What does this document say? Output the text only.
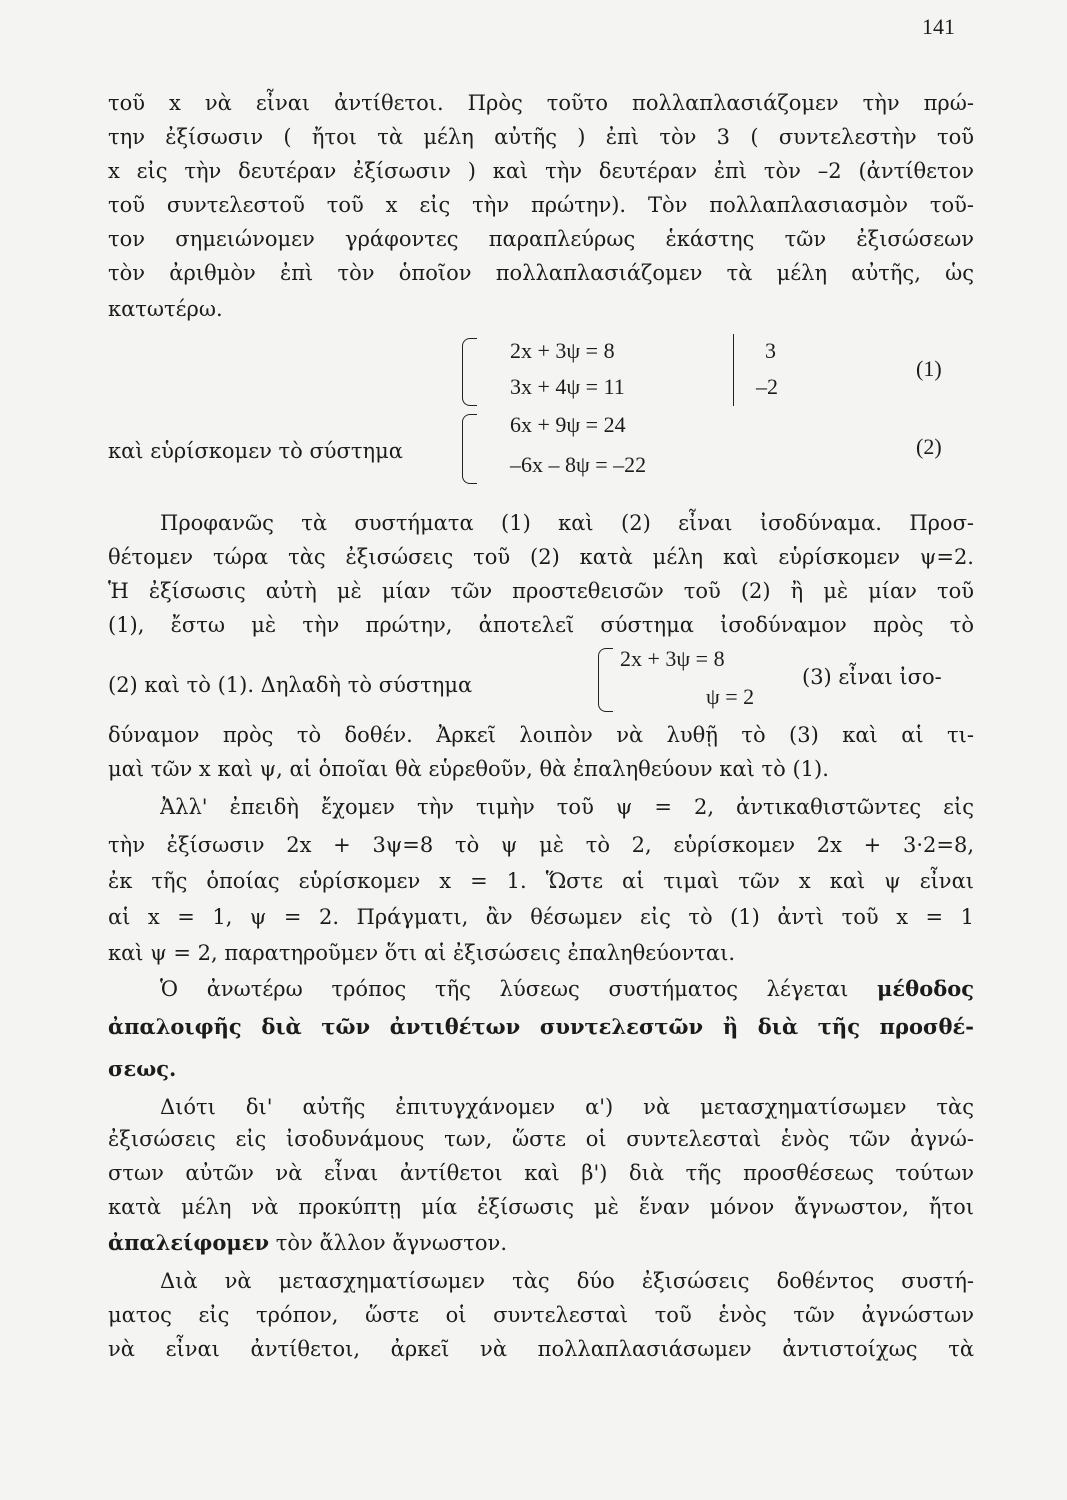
141
τοῦ x νὰ εἶναι ἀντίθετοι. Πρὸς τοῦτο πολλαπλασιάζομεν τὴν πρώ-
την ἐξίσωσιν ( ἤτοι τὰ μέλη αὐτῆς ) ἐπὶ τὸν 3 ( συντελεστὴν τοῦ
x εἰς τὴν δευτέραν ἐξίσωσιν ) καὶ τὴν δευτέραν ἐπὶ τὸν –2 (ἀντίθετον
τοῦ συντελεστοῦ τοῦ x εἰς τὴν πρώτην). Τὸν πολλαπλασιασμὸν τοῦ-
τον σημειώνομεν γράφοντες παραπλεύρως ἑκάστης τῶν ἐξισώσεων
τὸν ἀριθμὸν ἐπὶ τὸν ὁποῖον πολλαπλασιάζομεν τὰ μέλη αὐτῆς, ὡς
κατωτέρω.
2x + 3ψ = 8
3x + 4ψ = 11
3
–2
(1)
καὶ εὑρίσκομεν τὸ σύστημα
6x + 9ψ = 24
–6x – 8ψ = –22
(2)
Προφανῶς τὰ συστήματα (1) καὶ (2) εἶναι ἰσοδύναμα. Προσ-
θέτομεν τώρα τὰς ἐξισώσεις τοῦ (2) κατὰ μέλη καὶ εὑρίσκομεν ψ=2.
Ἡ ἐξίσωσις αὐτὴ μὲ μίαν τῶν προστεθεισῶν τοῦ (2) ἢ μὲ μίαν τοῦ
(1), ἔστω μὲ τὴν πρώτην, ἀποτελεῖ σύστημα ἰσοδύναμον πρὸς τὸ
(2) καὶ τὸ (1). Δηλαδὴ τὸ σύστημα
2x + 3ψ = 8
ψ = 2
(3) εἶναι ἰσο-
δύναμον πρὸς τὸ δοθέν. Ἀρκεῖ λοιπὸν νὰ λυθῇ τὸ (3) καὶ αἱ τι-
μαὶ τῶν x καὶ ψ, αἱ ὁποῖαι θὰ εὑρεθοῦν, θὰ ἐπαληθεύουν καὶ τὸ (1).
Ἀλλ' ἐπειδὴ ἔχομεν τὴν τιμὴν τοῦ ψ = 2, ἀντικαθιστῶντες εἰς
τὴν ἐξίσωσιν 2x + 3ψ=8 τὸ ψ μὲ τὸ 2, εὑρίσκομεν 2x + 3·2=8,
ἐκ τῆς ὁποίας εὑρίσκομεν x = 1. Ὥστε αἱ τιμαὶ τῶν x καὶ ψ εἶναι
αἱ x = 1, ψ = 2. Πράγματι, ἂν θέσωμεν εἰς τὸ (1) ἀντὶ τοῦ x = 1
καὶ ψ = 2, παρατηροῦμεν ὅτι αἱ ἐξισώσεις ἐπαληθεύονται.
Ὁ ἀνωτέρω τρόπος τῆς λύσεως συστήματος λέγεται μέθοδος
ἀπαλοιφῆς διὰ τῶν ἀντιθέτων συντελεστῶν ἢ διὰ τῆς προσθέ-
σεως.
Διότι δι' αὐτῆς ἐπιτυγχάνομεν α') νὰ μετασχηματίσωμεν τὰς
ἐξισώσεις εἰς ἰσοδυνάμους των, ὥστε οἱ συντελεσταὶ ἑνὸς τῶν ἀγνώ-
στων αὐτῶν νὰ εἶναι ἀντίθετοι καὶ β') διὰ τῆς προσθέσεως τούτων
κατὰ μέλη νὰ προκύπτῃ μία ἐξίσωσις μὲ ἕναν μόνον ἄγνωστον, ἤτοι
ἀπαλείφομεν τὸν ἄλλον ἄγνωστον.
Διὰ νὰ μετασχηματίσωμεν τὰς δύο ἐξισώσεις δοθέντος συστή-
ματος εἰς τρόπον, ὥστε οἱ συντελεσταὶ τοῦ ἑνὸς τῶν ἀγνώστων
νὰ εἶναι ἀντίθετοι, ἀρκεῖ νὰ πολλαπλασιάσωμεν ἀντιστοίχως τὰ
